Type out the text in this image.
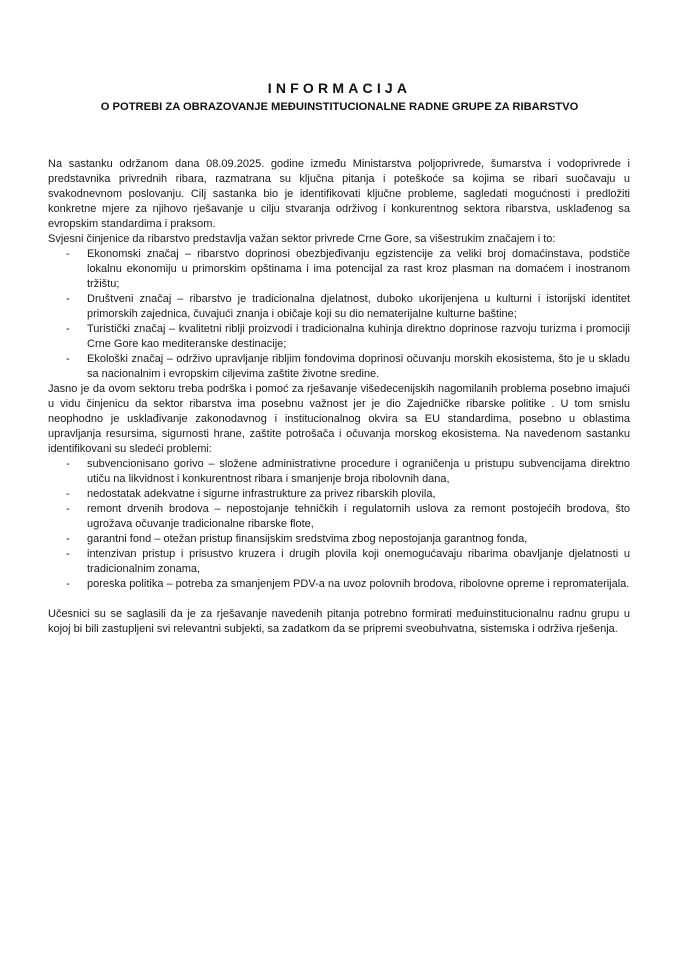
INFORMACIJA
O POTREBI ZA OBRAZOVANJE MEĐUINSTITUCIONALNE RADNE GRUPE ZA RIBARSTVO

Na sastanku održanom dana 08.09.2025. godine između Ministarstva poljoprivrede, šumarstva i vodoprivrede i predstavnika privrednih ribara, razmatrana su ključna pitanja i poteškoće sa kojima se ribari suočavaju u svakodnevnom poslovanju. Cilj sastanka bio je identifikovati ključne probleme, sagledati mogućnosti i predložiti konkretne mjere za njihovo rješavanje u cilju stvaranja održivog i konkurentnog sektora ribarstva, usklađenog sa evropskim standardima i praksom.

Svjesni činjenice da ribarstvo predstavlja važan sektor privrede Crne Gore, sa višestrukim značajem i to:

- Ekonomski značaj – ribarstvo doprinosi obezbjeđivanju egzistencije za veliki broj domaćinstava, podstiče lokalnu ekonomiju u primorskim opštinama i ima potencijal za rast kroz plasman na domaćem i inostranom tržištu;
- Društveni značaj – ribarstvo je tradicionalna djelatnost, duboko ukorijenjena u kulturni i istorijski identitet primorskih zajednica, čuvajući znanja i običaje koji su dio nematerijalne kulturne baštine;
- Turistički značaj – kvalitetni riblji proizvodi i tradicionalna kuhinja direktno doprinose razvoju turizma i promociji Crne Gore kao mediteranske destinacije;
- Ekološki značaj – održivo upravljanje ribljim fondovima doprinosi očuvanju morskih ekosistema, što je u skladu sa nacionalnim i evropskim ciljevima zaštite životne sredine.

Jasno je da ovom sektoru treba podrška i pomoć za rješavanje višedecenijskih nagomilanih problema posebno imajući u vidu činjenicu da sektor ribarstva ima posebnu važnost jer je dio Zajedničke ribarske politike . U tom smislu neophodno je usklađivanje zakonodavnog i institucionalnog okvira sa EU standardima, posebno u oblastima upravljanja resursima, sigurnosti hrane, zaštite potrošača i očuvanja morskog ekosistema. Na navedenom sastanku identifikovani su sledeći problemi:

- subvencionisano gorivo – složene administrativne procedure i ograničenja u pristupu subvencijama direktno utiču na likvidnost i konkurentnost ribara i smanjenje broja ribolovnih dana,
- nedostatak adekvatne i sigurne infrastrukture za privez ribarskih plovila,
- remont drvenih brodova – nepostojanje tehničkih i regulatornih uslova za remont postojećih brodova, što ugrožava očuvanje tradicionalne ribarske flote,
- garantni fond – otežan pristup finansijskim sredstvima zbog nepostojanja garantnog fonda,
- intenzivan pristup i prisustvo kruzera i drugih plovila koji onemogućavaju ribarima obavljanje djelatnosti u tradicionalnim zonama,
- poreska politika – potreba za smanjenjem PDV-a na uvoz polovnih brodova, ribolovne opreme i repromaterijala.

Učesnici su se saglasili da je za rješavanje navedenih pitanja potrebno formirati međuinstitucionalnu radnu grupu u kojoj bi bili zastupljeni svi relevantni subjekti, sa zadatkom da se pripremi sveobuhvatna, sistemska i održiva rješenja.
